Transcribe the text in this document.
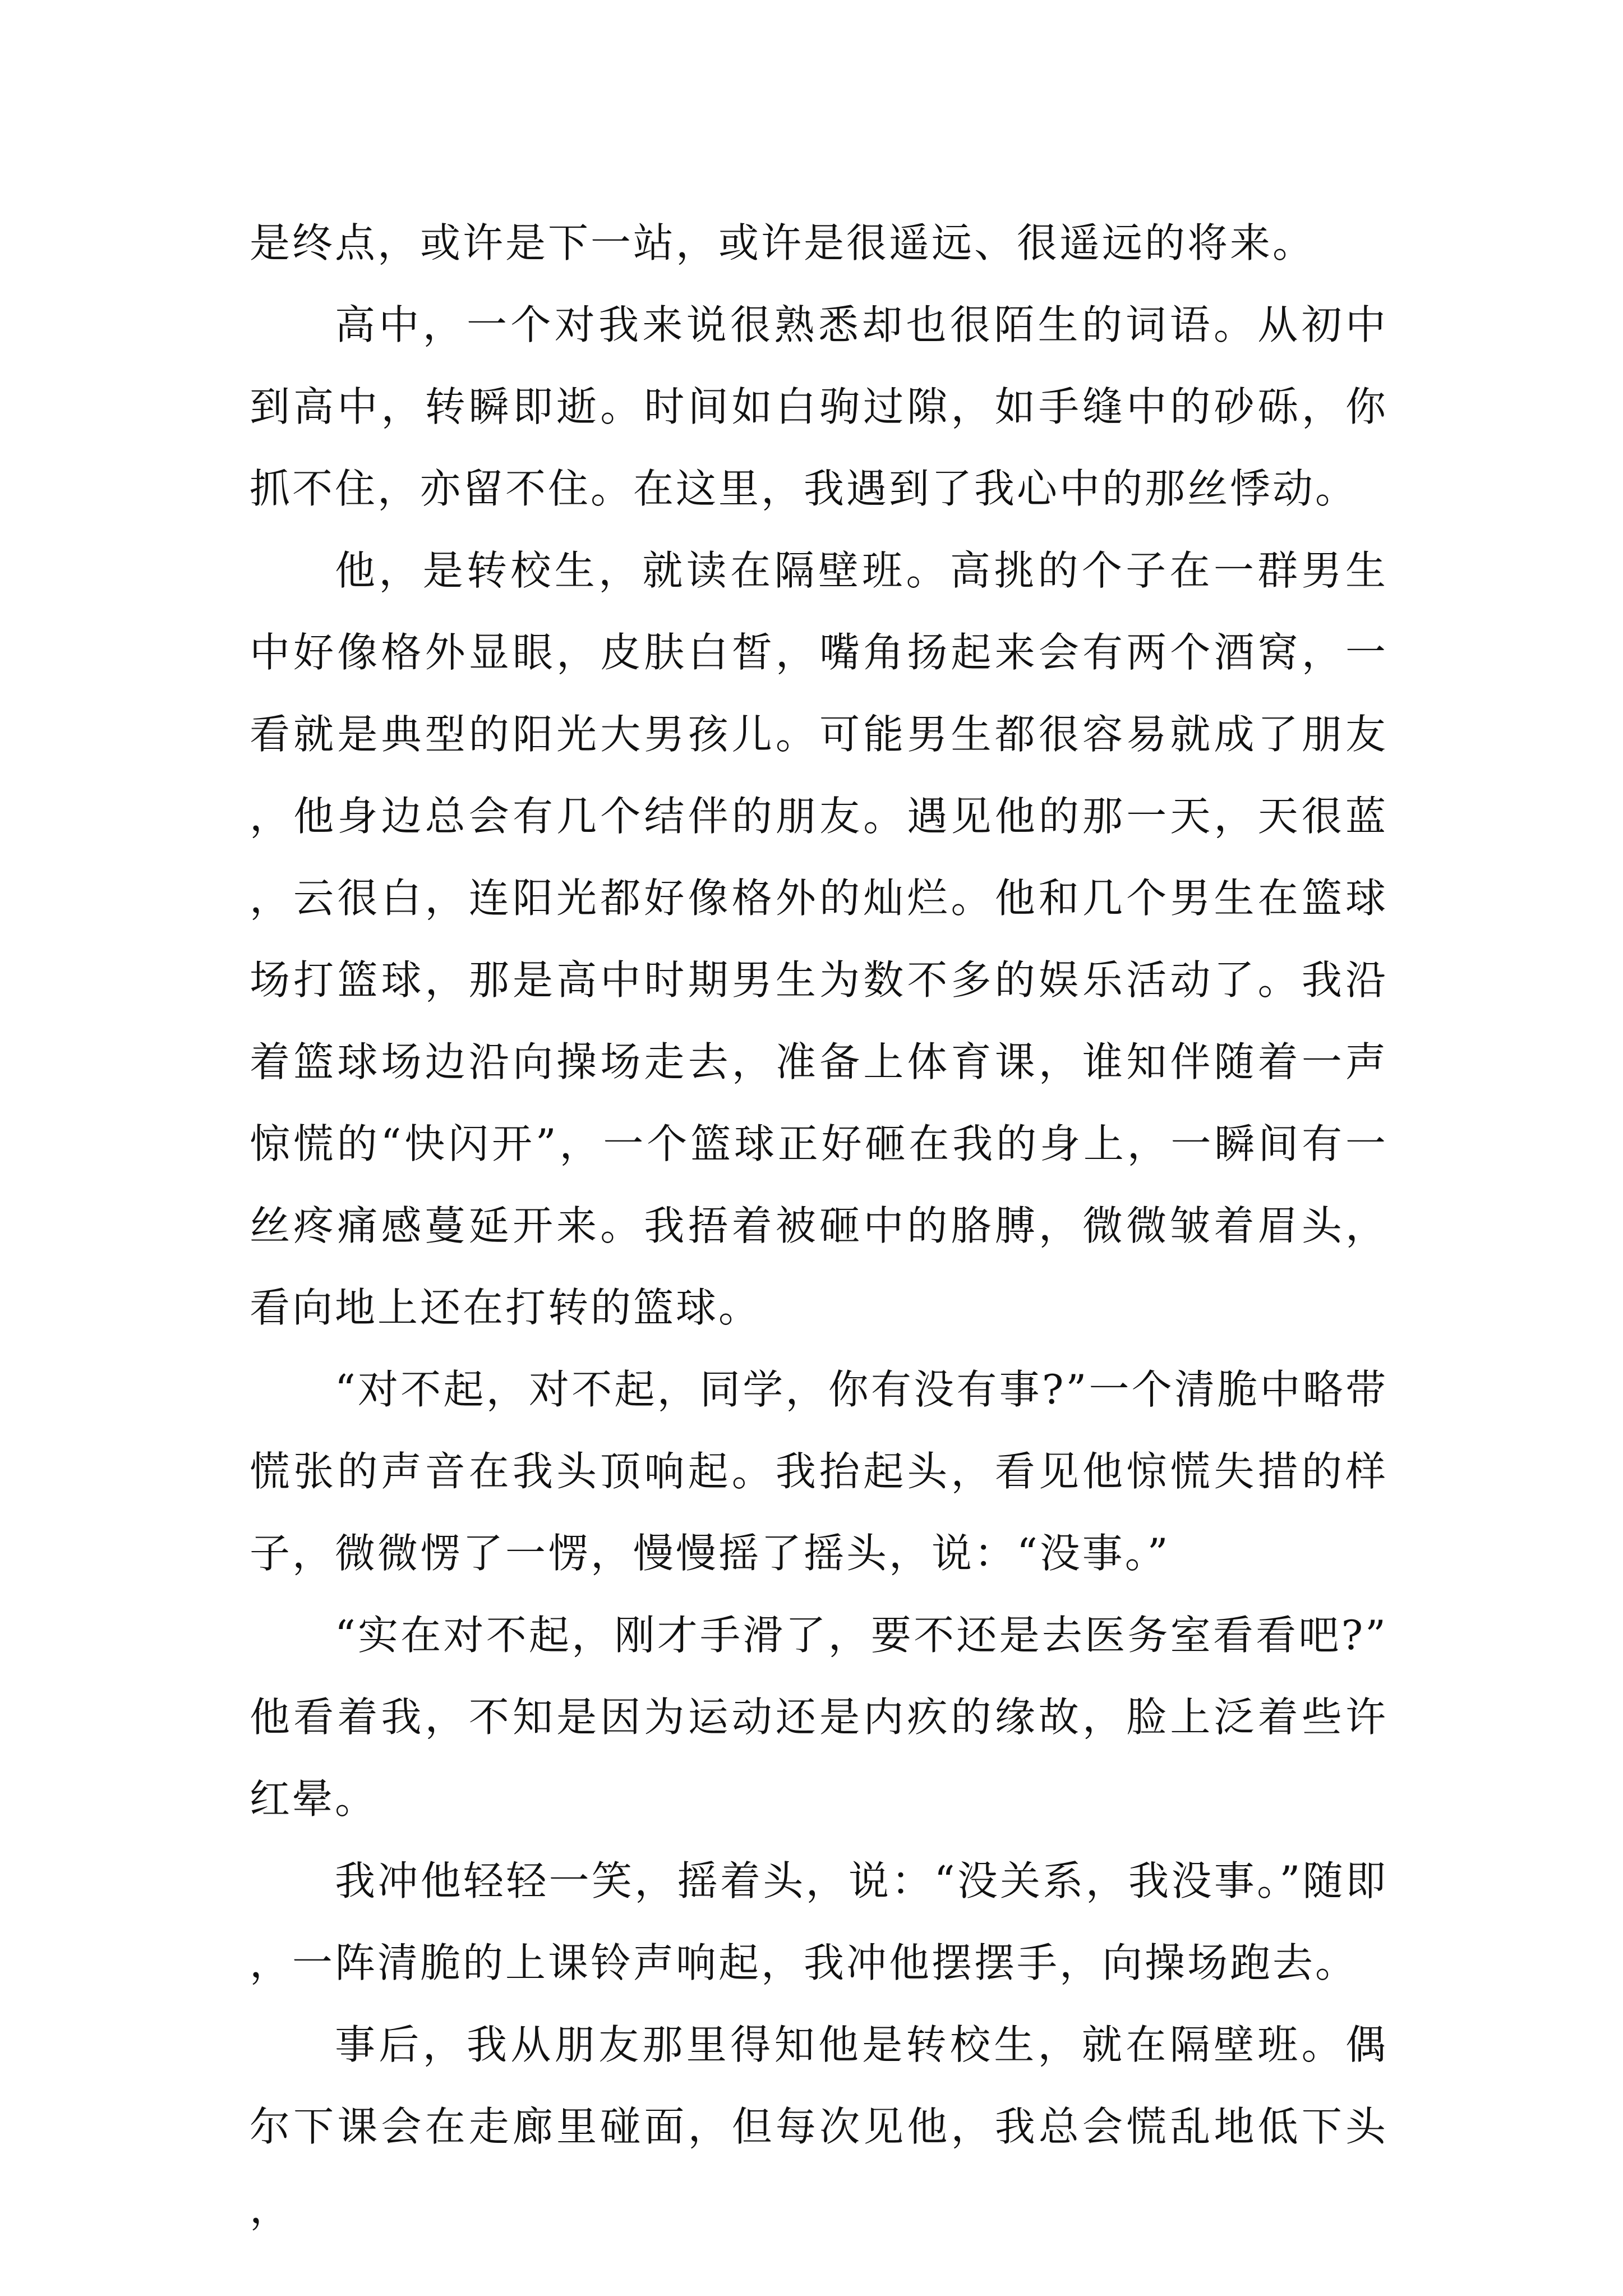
是终点，或许是下一站，或许是很遥远、很遥远的将来。

高中，一个对我来说很熟悉却也很陌生的词语。从初中到高中，转瞬即逝。时间如白驹过隙，如手缝中的砂砾，你抓不住，亦留不住。在这里，我遇到了我心中的那丝悸动。

他，是转校生，就读在隔壁班。高挑的个子在一群男生中好像格外显眼，皮肤白皙，嘴角扬起来会有两个酒窝，一看就是典型的阳光大男孩儿。可能男生都很容易就成了朋友，他身边总会有几个结伴的朋友。遇见他的那一天，天很蓝，云很白，连阳光都好像格外的灿烂。他和几个男生在篮球场打篮球，那是高中时期男生为数不多的娱乐活动了。我沿着篮球场边沿向操场走去，准备上体育课，谁知伴随着一声惊慌的“快闪开”，一个篮球正好砸在我的身上，一瞬间有一丝疼痛感蔓延开来。我捂着被砸中的胳膊，微微皱着眉头，看向地上还在打转的篮球。

“对不起，对不起，同学，你有没有事?”一个清脆中略带慌张的声音在我头顶响起。我抬起头，看见他惊慌失措的样子，微微愣了一愣，慢慢摇了摇头，说：“没事。”

“实在对不起，刚才手滑了，要不还是去医务室看看吧?”他看着我，不知是因为运动还是内疚的缘故，脸上泛着些许红晕。

我冲他轻轻一笑，摇着头，说：“没关系，我没事。”随即，一阵清脆的上课铃声响起，我冲他摆摆手，向操场跑去。

事后，我从朋友那里得知他是转校生，就在隔壁班。偶尔下课会在走廊里碰面，但每次见他，我总会慌乱地低下头，
